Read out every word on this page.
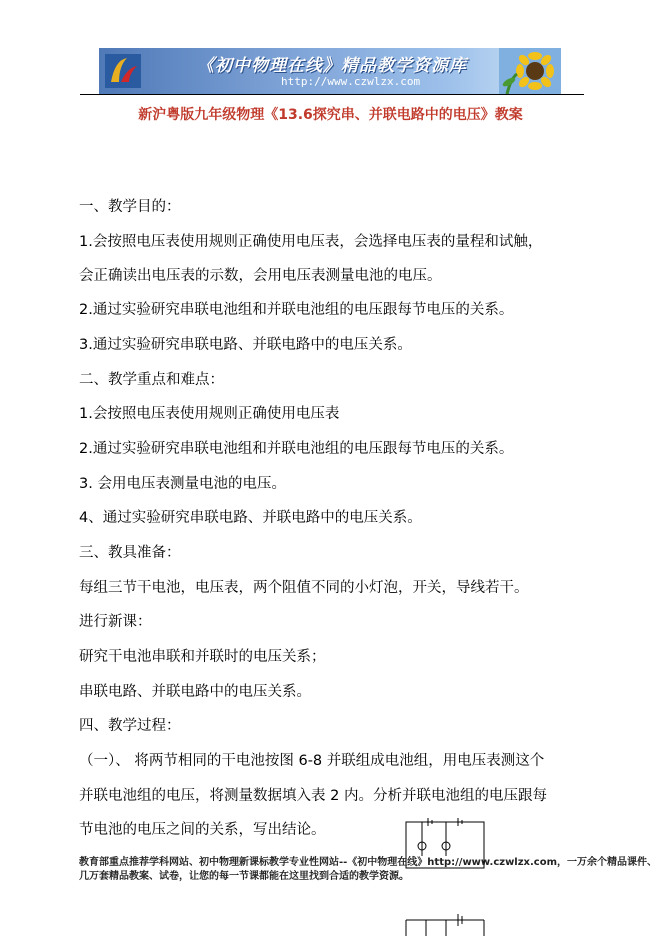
《初中物理在线》精品教学资源库
http://www.czwlzx.com
新沪粤版九年级物理《13.6探究串、并联电路中的电压》教案
一、教学目的：
1.会按照电压表使用规则正确使用电压表，会选择电压表的量程和试触，
会正确读出电压表的示数，会用电压表测量电池的电压。
2.通过实验研究串联电池组和并联电池组的电压跟每节电压的关系。
3.通过实验研究串联电路、并联电路中的电压关系。
二、教学重点和难点：
1.会按照电压表使用规则正确使用电压表
2.通过实验研究串联电池组和并联电池组的电压跟每节电压的关系。
3. 会用电压表测量电池的电压。
4、通过实验研究串联电路、并联电路中的电压关系。
三、教具准备：
每组三节干电池，电压表，两个阻值不同的小灯泡，开关，导线若干。
进行新课：
研究干电池串联和并联时的电压关系；
串联电路、并联电路中的电压关系。
四、教学过程：
（一）、 将两节相同的干电池按图 6-8 并联组成电池组，用电压表测这个
并联电池组的电压，将测量数据填入表 2 内。分析并联电池组的电压跟每
节电池的电压之间的关系，写出结论。
教育部重点推荐学科网站、初中物理新课标教学专业性网站--《初中物理在线》http://www.czwlzx.com，一万余个精品课件、
几万套精品教案、试卷，让您的每一节课都能在这里找到合适的教学资源。
